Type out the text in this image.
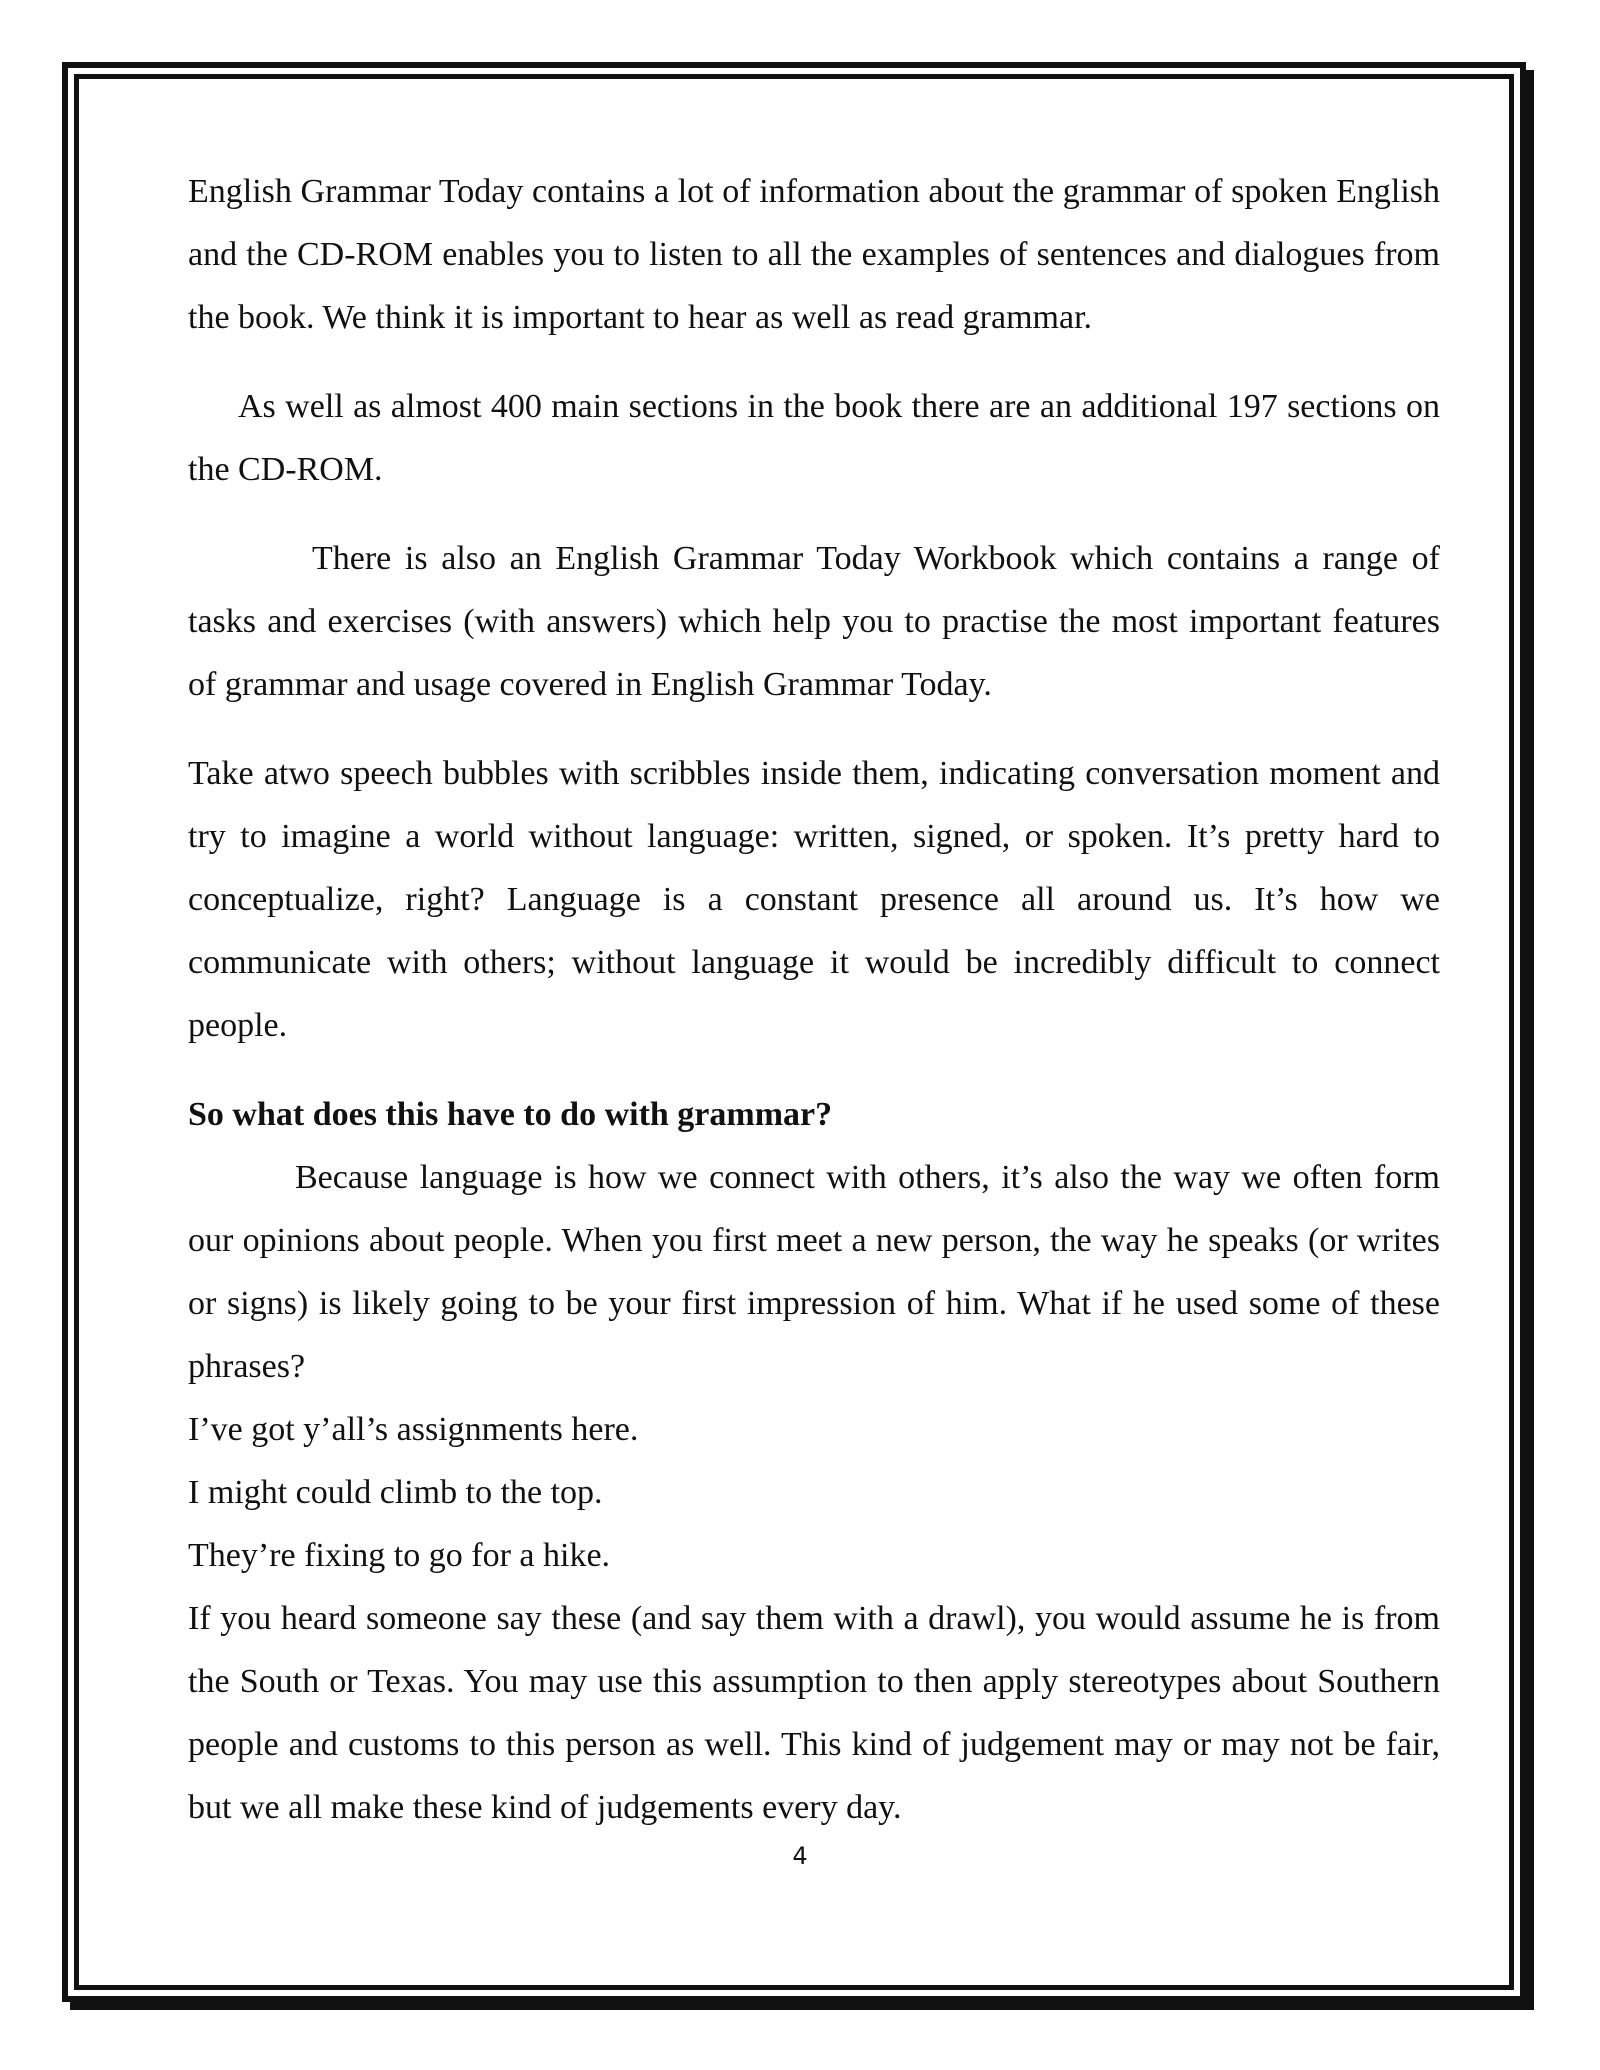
English Grammar Today contains a lot of information about the grammar of spoken English and the CD-ROM enables you to listen to all the examples of sentences and dialogues from the book. We think it is important to hear as well as read grammar.

As well as almost 400 main sections in the book there are an additional 197 sections on the CD-ROM.

There is also an English Grammar Today Workbook which contains a range of tasks and exercises (with answers) which help you to practise the most important features of grammar and usage covered in English Grammar Today.

Take atwo speech bubbles with scribbles inside them, indicating conversation moment and try to imagine a world without language: written, signed, or spoken. It’s pretty hard to conceptualize, right? Language is a constant presence all around us. It’s how we communicate with others; without language it would be incredibly difficult to connect people.

So what does this have to do with grammar?

Because language is how we connect with others, it’s also the way we often form our opinions about people. When you first meet a new person, the way he speaks (or writes or signs) is likely going to be your first impression of him. What if he used some of these phrases?

I’ve got y’all’s assignments here.

I might could climb to the top.

They’re fixing to go for a hike.

If you heard someone say these (and say them with a drawl), you would assume he is from the South or Texas. You may use this assumption to then apply stereotypes about Southern people and customs to this person as well. This kind of judgement may or may not be fair, but we all make these kind of judgements every day.

4
